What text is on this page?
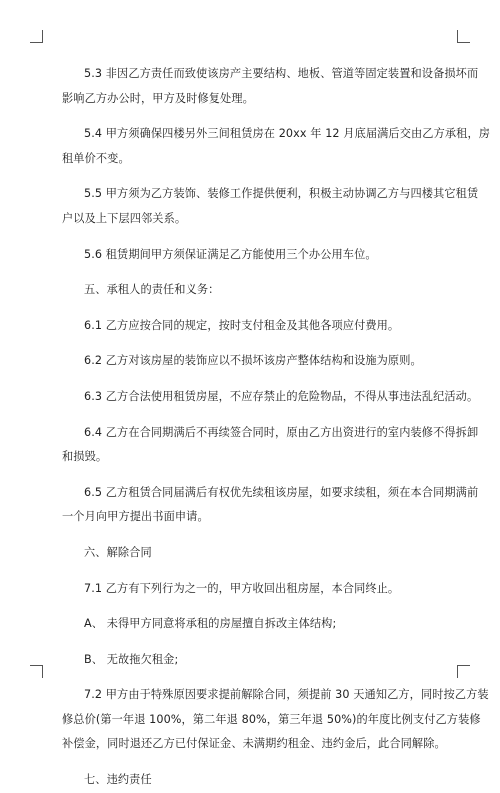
5.3 非因乙方责任而致使该房产主要结构、地板、管道等固定装置和设备损坏而
影响乙方办公时，甲方及时修复处理。

5.4 甲方须确保四楼另外三间租赁房在 20xx 年 12 月底届满后交由乙方承租，房
租单价不变。

5.5 甲方须为乙方装饰、装修工作提供便利，积极主动协调乙方与四楼其它租赁
户以及上下层四邻关系。

5.6 租赁期间甲方须保证满足乙方能使用三个办公用车位。

五、承租人的责任和义务：

6.1 乙方应按合同的规定，按时支付租金及其他各项应付费用。

6.2 乙方对该房屋的装饰应以不损坏该房产整体结构和设施为原则。

6.3 乙方合法使用租赁房屋，不应存禁止的危险物品，不得从事违法乱纪活动。

6.4 乙方在合同期满后不再续签合同时，原由乙方出资进行的室内装修不得拆卸
和损毁。

6.5 乙方租赁合同届满后有权优先续租该房屋，如要求续租，须在本合同期满前
一个月向甲方提出书面申请。

六、解除合同

7.1 乙方有下列行为之一的，甲方收回出租房屋，本合同终止。

A、 未得甲方同意将承租的房屋擅自拆改主体结构;

B、 无故拖欠租金;

7.2 甲方由于特殊原因要求提前解除合同，须提前 30 天通知乙方，同时按乙方装
修总价(第一年退 100%，第二年退 80%，第三年退 50%)的年度比例支付乙方装修
补偿金，同时退还乙方已付保证金、未满期约租金、违约金后，此合同解除。

七、违约责任
